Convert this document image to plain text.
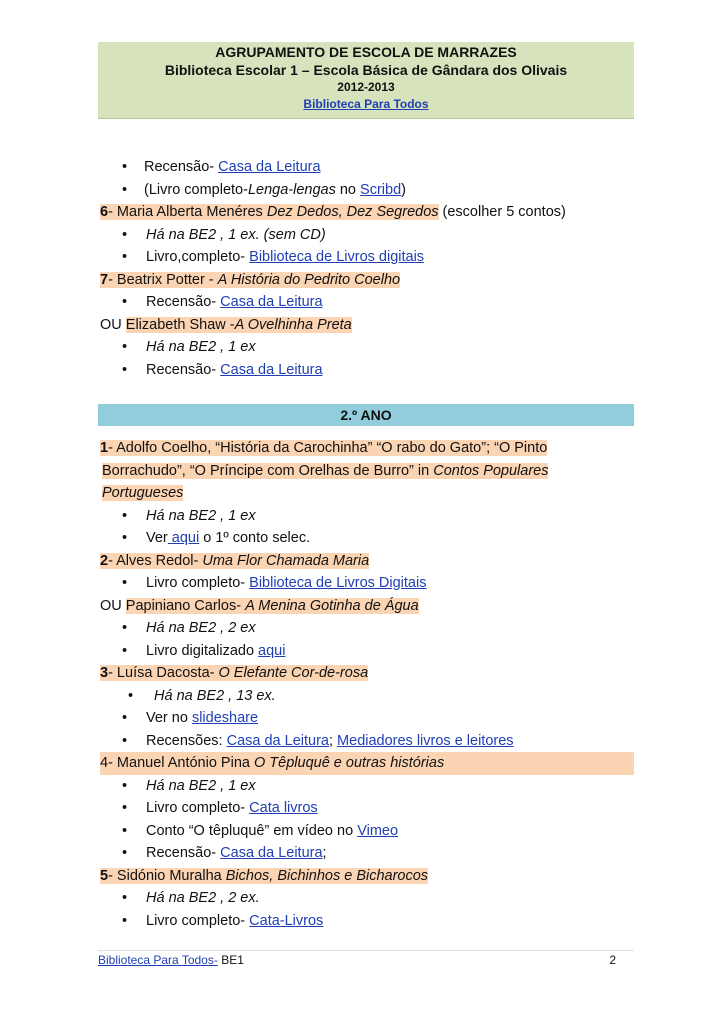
AGRUPAMENTO DE ESCOLA DE MARRAZES
Biblioteca Escolar 1 – Escola Básica de Gândara dos Olivais
2012-2013
Biblioteca Para Todos
• Recensão- Casa da Leitura
• (Livro completo-Lenga-lengas no Scribd)
6- Maria Alberta Menéres Dez Dedos, Dez Segredos (escolher 5 contos)
• Há na BE2 , 1 ex. (sem CD)
• Livro,completo- Biblioteca de Livros digitais
7- Beatrix Potter - A História do Pedrito Coelho
• Recensão- Casa da Leitura
OU Elizabeth Shaw -A Ovelhinha Preta
• Há na BE2 , 1 ex
• Recensão- Casa da Leitura
2.º ANO
1- Adolfo Coelho, “História da Carochinha” “O rabo do Gato”; “O Pinto
Borrachudo”, “O Príncipe com Orelhas de Burro” in Contos Populares
Portugueses
• Há na BE2 , 1 ex
• Ver aqui o 1º conto selec.
2- Alves Redol- Uma Flor Chamada Maria
• Livro completo- Biblioteca de Livros Digitais
OU Papiniano Carlos- A Menina Gotinha de Água
• Há na BE2 , 2 ex
• Livro digitalizado aqui
3- Luísa Dacosta- O Elefante Cor-de-rosa
• Há na BE2 , 13 ex.
• Ver no slideshare
• Recensões: Casa da Leitura; Mediadores livros e leitores
4- Manuel António Pina O Têpluquê e outras histórias
• Há na BE2 , 1 ex
• Livro completo- Cata livros
• Conto “O têpluquê” em vídeo no Vimeo
• Recensão- Casa da Leitura;
5- Sidónio Muralha Bichos, Bichinhos e Bicharocos
• Há na BE2 , 2 ex.
• Livro completo- Cata-Livros
Biblioteca Para Todos- BE1	2
